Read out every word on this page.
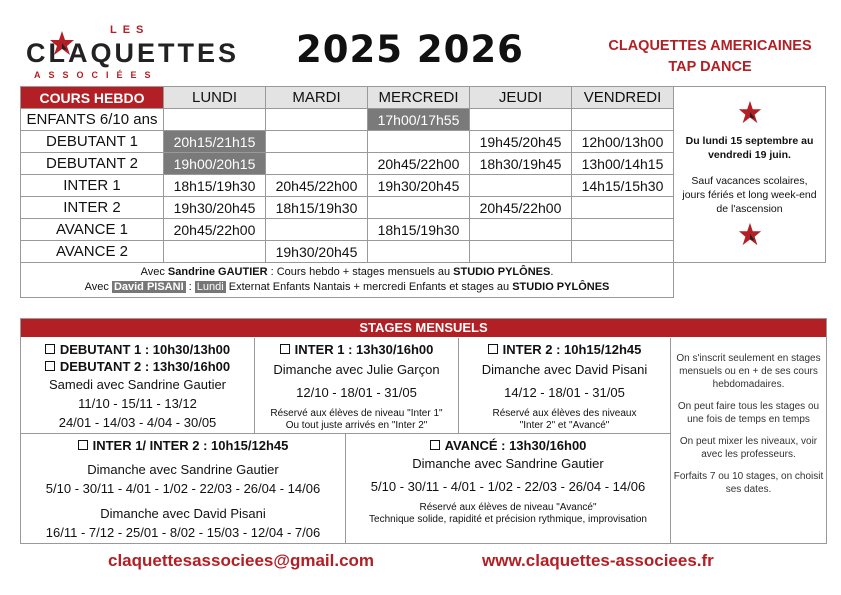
LES
CLAQUETTES
ASSOCIÉES
2025 2026	CLAQUETTES AMERICAINES
TAP DANCE
COURS HEBDO	LUNDI	MARDI	MERCREDI	JEUDI	VENDREDI	Du lundi 15 septembre au vendredi 19 juin.
Sauf vacances scolaires, jours fériés et long week-end de l'ascension

ENFANTS 6/10 ans			17h00/17h55			
DEBUTANT 1	20h15/21h15			19h45/20h45	12h00/13h00	
DEBUTANT 2	19h00/20h15		20h45/22h00	18h30/19h45	13h00/14h15	
INTER 1	18h15/19h30	20h45/22h00	19h30/20h45		14h15/15h30	
INTER 2	19h30/20h45	18h15/19h30		20h45/22h00		
AVANCE 1	20h45/22h00		18h15/19h30			
AVANCE 2		19h30/20h45				

Avec Sandrine GAUTIER : Cours hebdo + stages mensuels au STUDIO PYLÔNES.
Avec David PISANI : Lundi Externat Enfants Nantais + mercredi Enfants et stages au STUDIO PYLÔNES						
STAGES MENSUELS
DEBUTANT 1 : 10h30/13h00
DEBUTANT 2 : 13h30/16h00
Samedi avec Sandrine Gautier
11/10 - 15/11 - 13/12
24/01 - 14/03 - 4/04 - 30/05
INTER 1 : 13h30/16h00
Dimanche avec Julie Garçon
12/10 - 18/01 - 31/05
Réservé aux élèves de niveau "Inter 1"
Ou tout juste arrivés en "Inter 2"
INTER 2 : 10h15/12h45
Dimanche avec David Pisani
14/12 - 18/01 - 31/05
Réservé aux élèves des niveaux
"Inter 2" et "Avancé"
INTER 1/ INTER 2 : 10h15/12h45
Dimanche avec Sandrine Gautier
5/10 - 30/11 - 4/01 - 1/02 - 22/03 - 26/04 - 14/06
Dimanche avec David Pisani
16/11 - 7/12 - 25/01 - 8/02 - 15/03 - 12/04 - 7/06
AVANCÉ : 13h30/16h00
Dimanche avec Sandrine Gautier
5/10 - 30/11 - 4/01 - 1/02 - 22/03 - 26/04 - 14/06
Réservé aux élèves de niveau "Avancé"
Technique solide, rapidité et précision rythmique, improvisation

On s'inscrit seulement en stages mensuels ou en + de ses cours hebdomadaires.

On peut faire tous les stages ou une fois de temps en temps

On peut mixer les niveaux, voir avec les professeurs.

Forfaits 7 ou 10 stages, on choisit ses dates.

claquettesassociees@gmail.com	www.claquettes-associees.fr
